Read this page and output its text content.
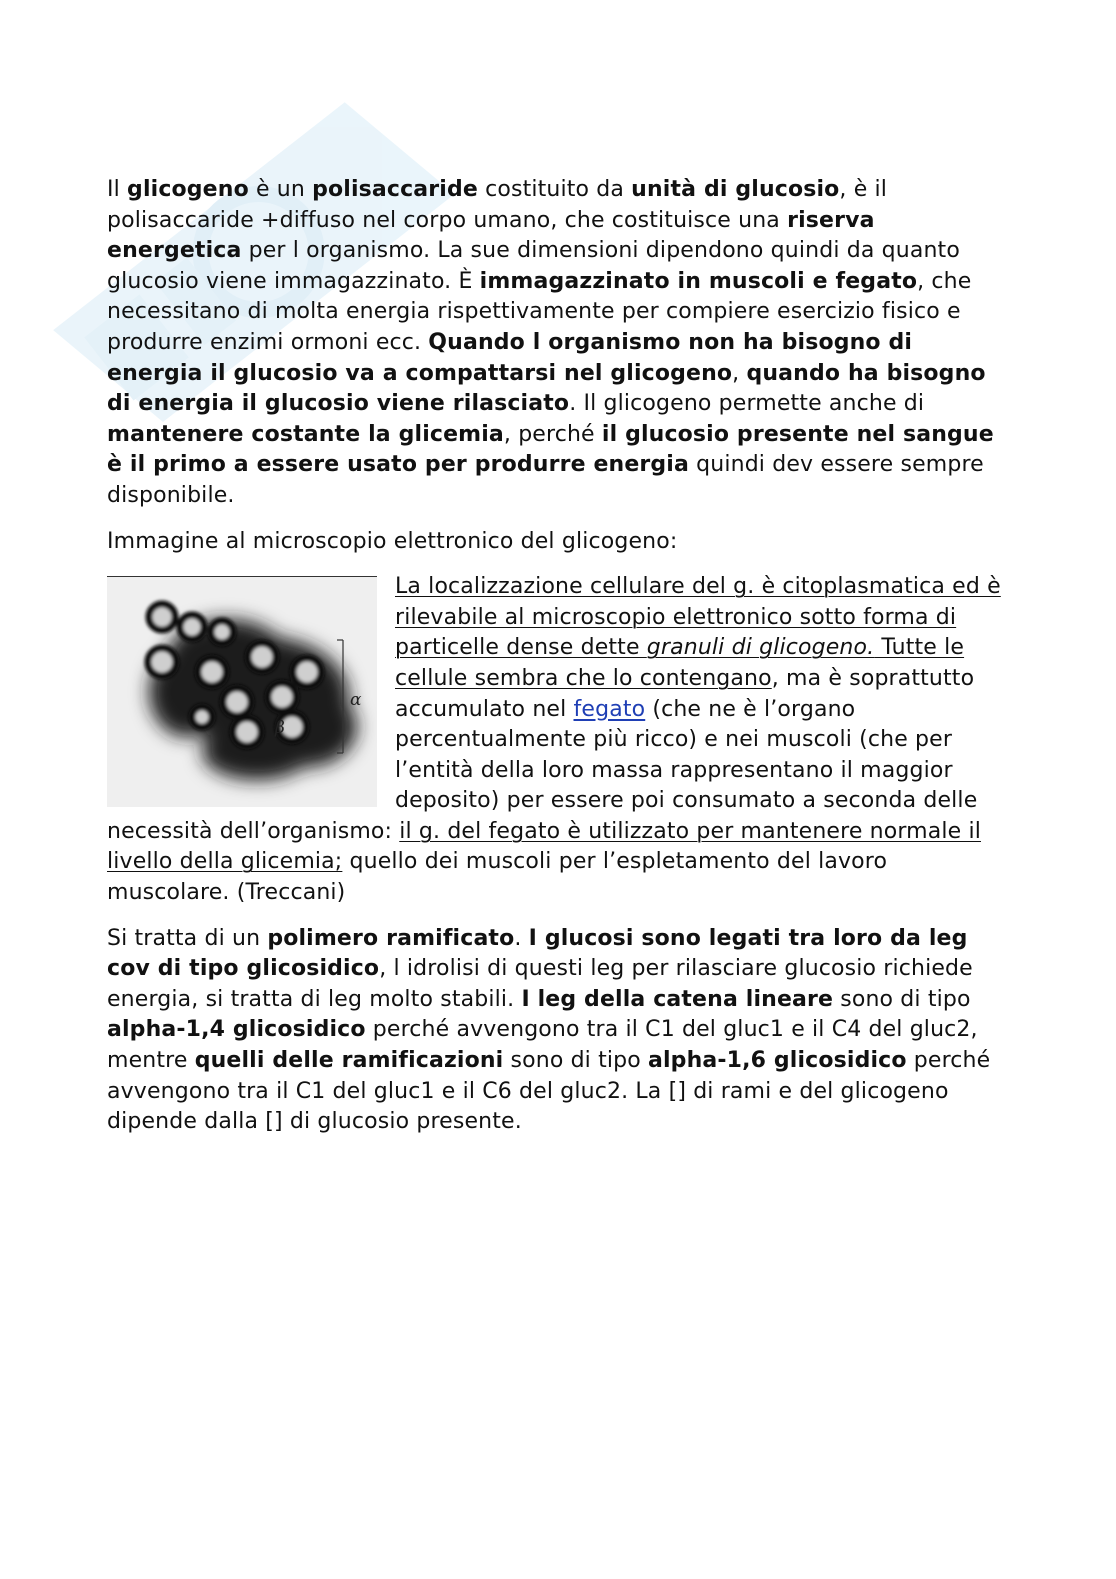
Il glicogeno è un polisaccaride costituito da unità di glucosio, è il polisaccaride +diffuso nel corpo umano, che costituisce una riserva energetica per l organismo. La sue dimensioni dipendono quindi da quanto glucosio viene immagazzinato. È immagazzinato in muscoli e fegato, che necessitano di molta energia rispettivamente per compiere esercizio fisico e produrre enzimi ormoni ecc. Quando l organismo non ha bisogno di energia il glucosio va a compattarsi nel glicogeno, quando ha bisogno di energia il glucosio viene rilasciato. Il glicogeno permette anche di mantenere costante la glicemia, perché il glucosio presente nel sangue è il primo a essere usato per produrre energia quindi dev essere sempre disponibile.

Immagine al microscopio elettronico del glicogeno:

α
β

La localizzazione cellulare del g. è citoplasmatica ed è rilevabile al microscopio elettronico sotto forma di particelle dense dette granuli di glicogeno. Tutte le cellule sembra che lo contengano, ma è soprattutto accumulato nel fegato (che ne è l’organo percentualmente più ricco) e nei muscoli (che per l’entità della loro massa rappresentano il maggior deposito) per essere poi consumato a seconda delle necessità dell’organismo: il g. del fegato è utilizzato per mantenere normale il livello della glicemia; quello dei muscoli per l’espletamento del lavoro muscolare. (Treccani)

Si tratta di un polimero ramificato. I glucosi sono legati tra loro da leg cov di tipo glicosidico, l idrolisi di questi leg per rilasciare glucosio richiede energia, si tratta di leg molto stabili. I leg della catena lineare sono di tipo alpha-1,4 glicosidico perché avvengono tra il C1 del gluc1 e il C4 del gluc2, mentre quelli delle ramificazioni sono di tipo alpha-1,6 glicosidico perché avvengono tra il C1 del gluc1 e il C6 del gluc2. La [] di rami e del glicogeno dipende dalla [] di glucosio presente.
